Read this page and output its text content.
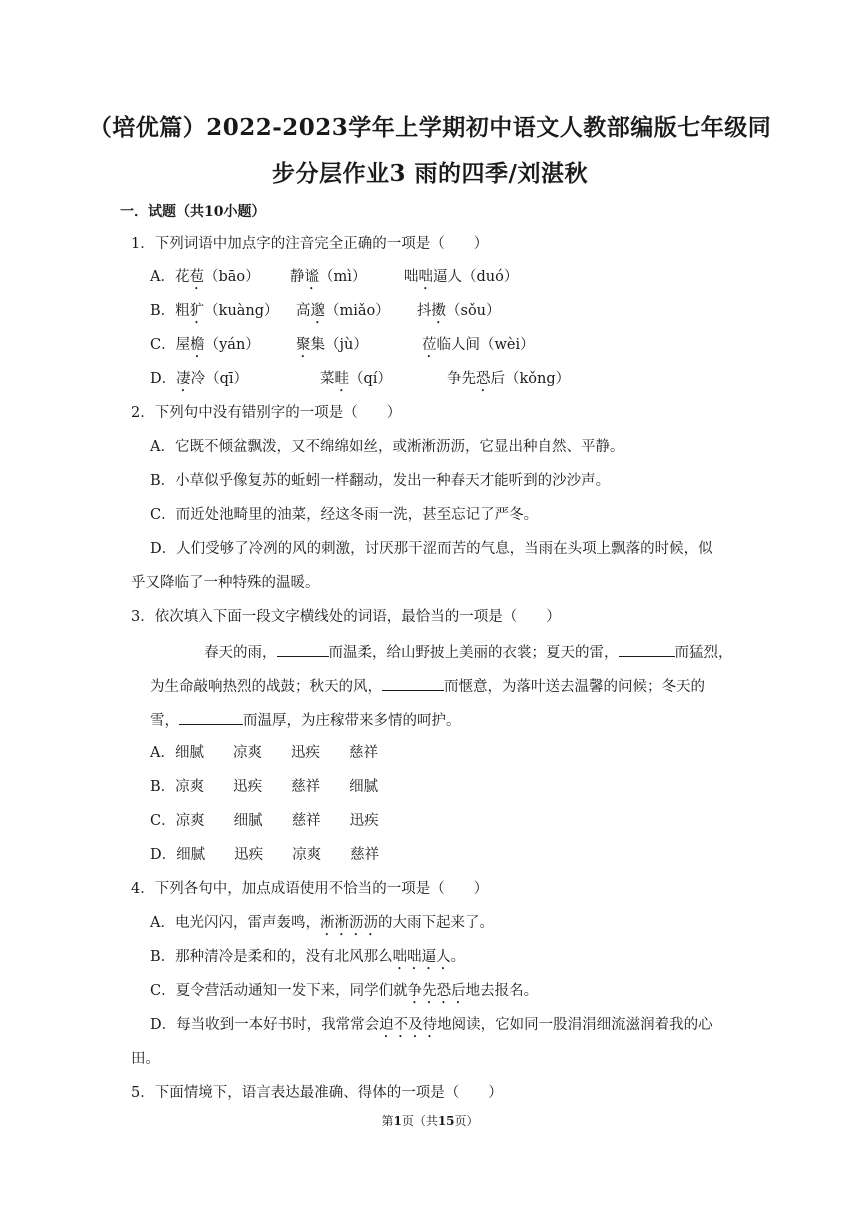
（培优篇）2022-2023学年上学期初中语文人教部编版七年级同
步分层作业3 雨的四季/刘湛秋
一．试题（共10小题）
1．下列词语中加点字的注音完全正确的一项是（　　）
A．花苞（bāo） 静谧（mì）	咄咄逼人（duó）
B．粗犷（kuàng） 高邈（miǎo） 抖擞（sǒu）
C．屋檐（yán） 聚集（jù）	莅临人间（wèi）
D．凄冷（qī）	菜畦（qí）	争先恐后（kǒng）
2．下列句中没有错别字的一项是（　　）
A．它既不倾盆飘泼，又不绵绵如丝，或淅淅沥沥，它显出种自然、平静。
B．小草似乎像复苏的蚯蚓一样翻动，发出一种春天才能听到的沙沙声。
C．而近处池畸里的油菜，经这冬雨一洗，甚至忘记了严冬。
D．人们受够了冷冽的风的刺激，讨厌那干涩而苦的气息，当雨在头项上飘落的时候，似
乎又降临了一种特殊的温暖。
3．依次填入下面一段文字横线处的词语，最恰当的一项是（　　）
春天的雨，	而温柔，给山野披上美丽的衣裳；夏天的雷，	而猛烈，
为生命敲响热烈的战鼓；秋天的风，	而惬意，为落叶送去温馨的问候；冬天的
雪，	而温厚，为庄稼带来多情的呵护。
A．细腻　　凉爽　　迅疾　　慈祥
B．凉爽　　迅疾　　慈祥　　细腻
C．凉爽　　细腻　　慈祥　　迅疾
D．细腻　　迅疾　　凉爽　　慈祥
4．下列各句中，加点成语使用不恰当的一项是（　　）
A．电光闪闪，雷声轰鸣，淅淅沥沥的大雨下起来了。
B．那种清冷是柔和的，没有北风那么咄咄逼人。
C．夏令营活动通知一发下来，同学们就争先恐后地去报名。
D．每当收到一本好书时，我常常会迫不及待地阅读，它如同一股涓涓细流滋润着我的心
田。
5．下面情境下，语言表达最准确、得体的一项是（　　）
第1页（共15页）
